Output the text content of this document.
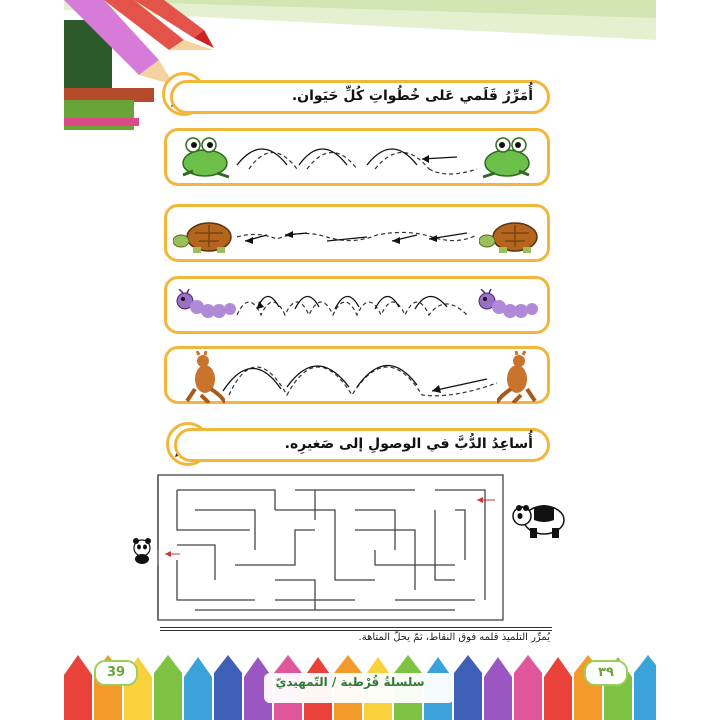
أُمَرِّرُ قَلَمي عَلى خُطُواتِ كُلِّ حَيَوان.
أُساعِدُ الدُّبَّ في الوصولِ إلى صَغيرِه.
يُمرِّر التلميذ قلمه فوق النقاط، ثمّ يحلّ المتاهة.
سلسلةُ قُرْطبة / التّمهيديّ
39	٣٩
